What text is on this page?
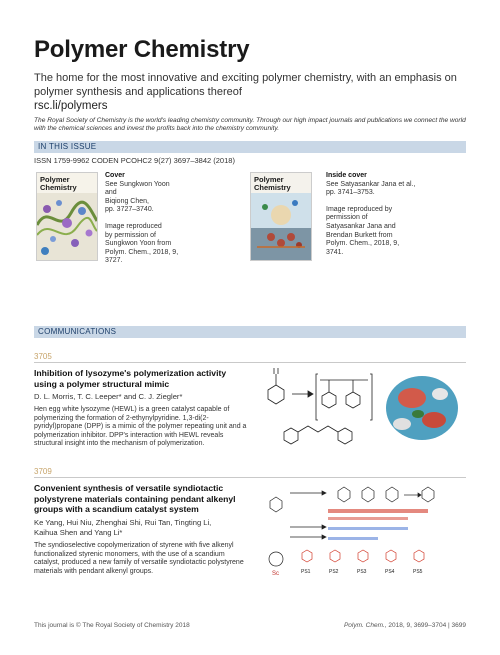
Polymer Chemistry
The home for the most innovative and exciting polymer chemistry, with an emphasis on polymer synthesis and applications thereof
rsc.li/polymers
The Royal Society of Chemistry is the world's leading chemistry community. Through our high impact journals and publications we connect the world with the chemical sciences and invest the profits back into the chemistry community.
IN THIS ISSUE
ISSN 1759-9962 CODEN PCOHC2 9(27) 3697–3842 (2018)
Polymer Chemistry
Cover
See Sungkwon Yoon and
Biqiong Chen,
pp. 3727–3740.
Image reproduced
by permission of
Sungkwon Yoon from
Polym. Chem., 2018, 9, 3727.
Polymer Chemistry
Inside cover
See Satyasankar Jana et al.,
pp. 3741–3753.
Image reproduced by
permission of
Satyasankar Jana and
Brendan Burkett from
Polym. Chem., 2018, 9, 3741.
COMMUNICATIONS
3705
Inhibition of lysozyme's polymerization activity
using a polymer structural mimic
D. L. Morris, T. C. Leeper* and C. J. Ziegler*
Hen egg white lysozyme (HEWL) is a green catalyst capable of polymerizing the formation of 2-ethynylpyridine. 1,3-di(2-pyridyl)propane (DPP) is a mimic of the polymer repeating unit and a polymerization inhibitor. DPP's interaction with HEWL reveals structural insight into the mechanism of polymerization.
3709
Convenient synthesis of versatile syndiotactic
polystyrene materials containing pendant alkenyl
groups with a scandium catalyst system
Ke Yang, Hui Niu, Zhenghai Shi, Rui Tan, Tingting Li,
Kaihua Shen and Yang Li*
The syndioselective copolymerization of styrene with five alkenyl functionalized styrenic monomers, with the use of a scandium catalyst, produced a new family of versatile syndiotactic polystyrene materials with pendant alkenyl groups.	Sc	PS1	PS2	PS3	PS4	PS5
This journal is © The Royal Society of Chemistry 2018	Polym. Chem., 2018, 9, 3699–3704 | 3699
